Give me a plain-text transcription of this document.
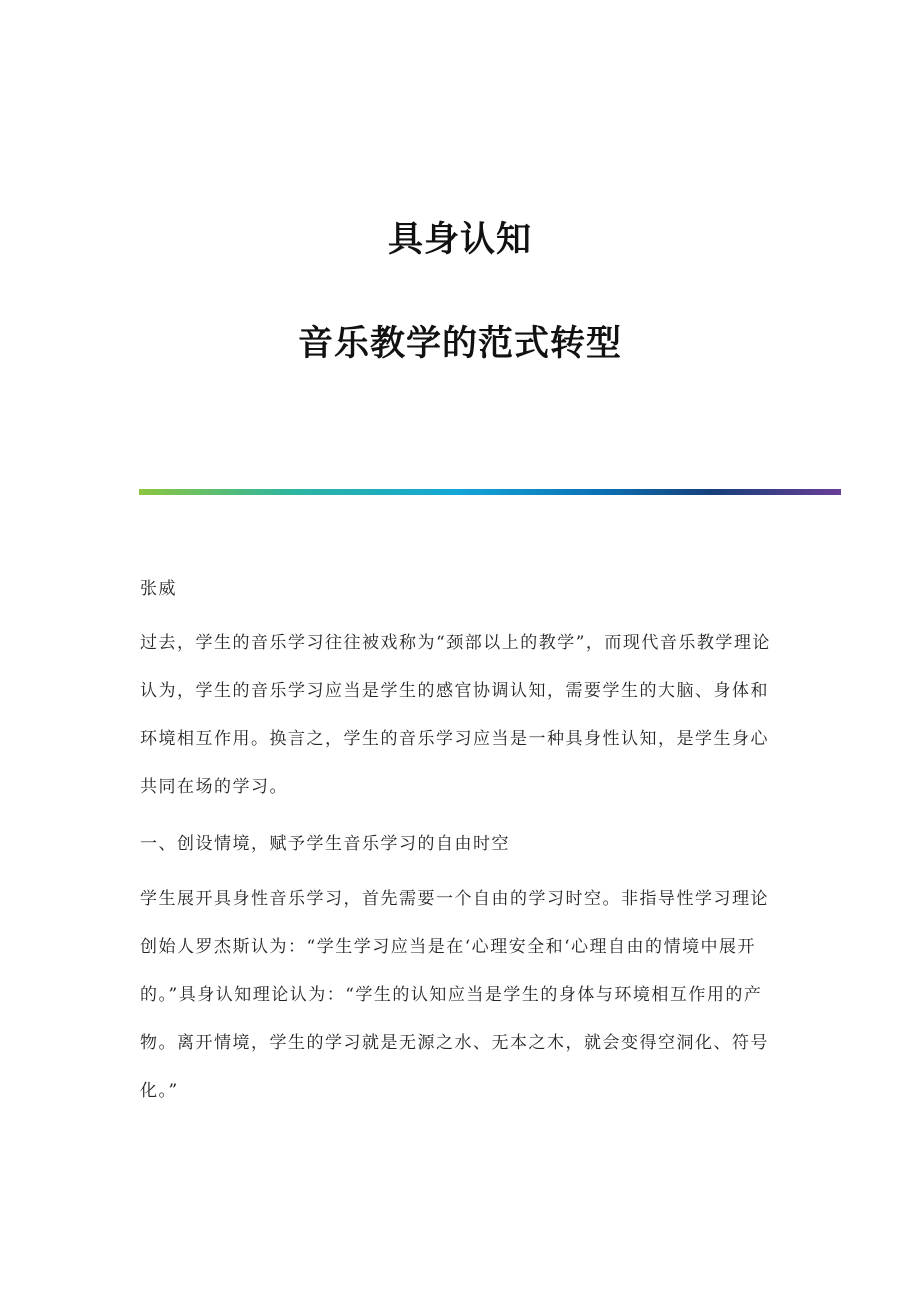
具身认知
音乐教学的范式转型

张威

过去，学生的音乐学习往往被戏称为“颈部以上的教学”，而现代音乐教学理论认为，学生的音乐学习应当是学生的感官协调认知，需要学生的大脑、身体和环境相互作用。换言之，学生的音乐学习应当是一种具身性认知，是学生身心共同在场的学习。

一、创设情境，赋予学生音乐学习的自由时空

学生展开具身性音乐学习，首先需要一个自由的学习时空。非指导性学习理论创始人罗杰斯认为：“学生学习应当是在‘心理安全和‘心理自由的情境中展开的。”具身认知理论认为：“学生的认知应当是学生的身体与环境相互作用的产物。离开情境，学生的学习就是无源之水、无本之木，就会变得空洞化、符号化。”
